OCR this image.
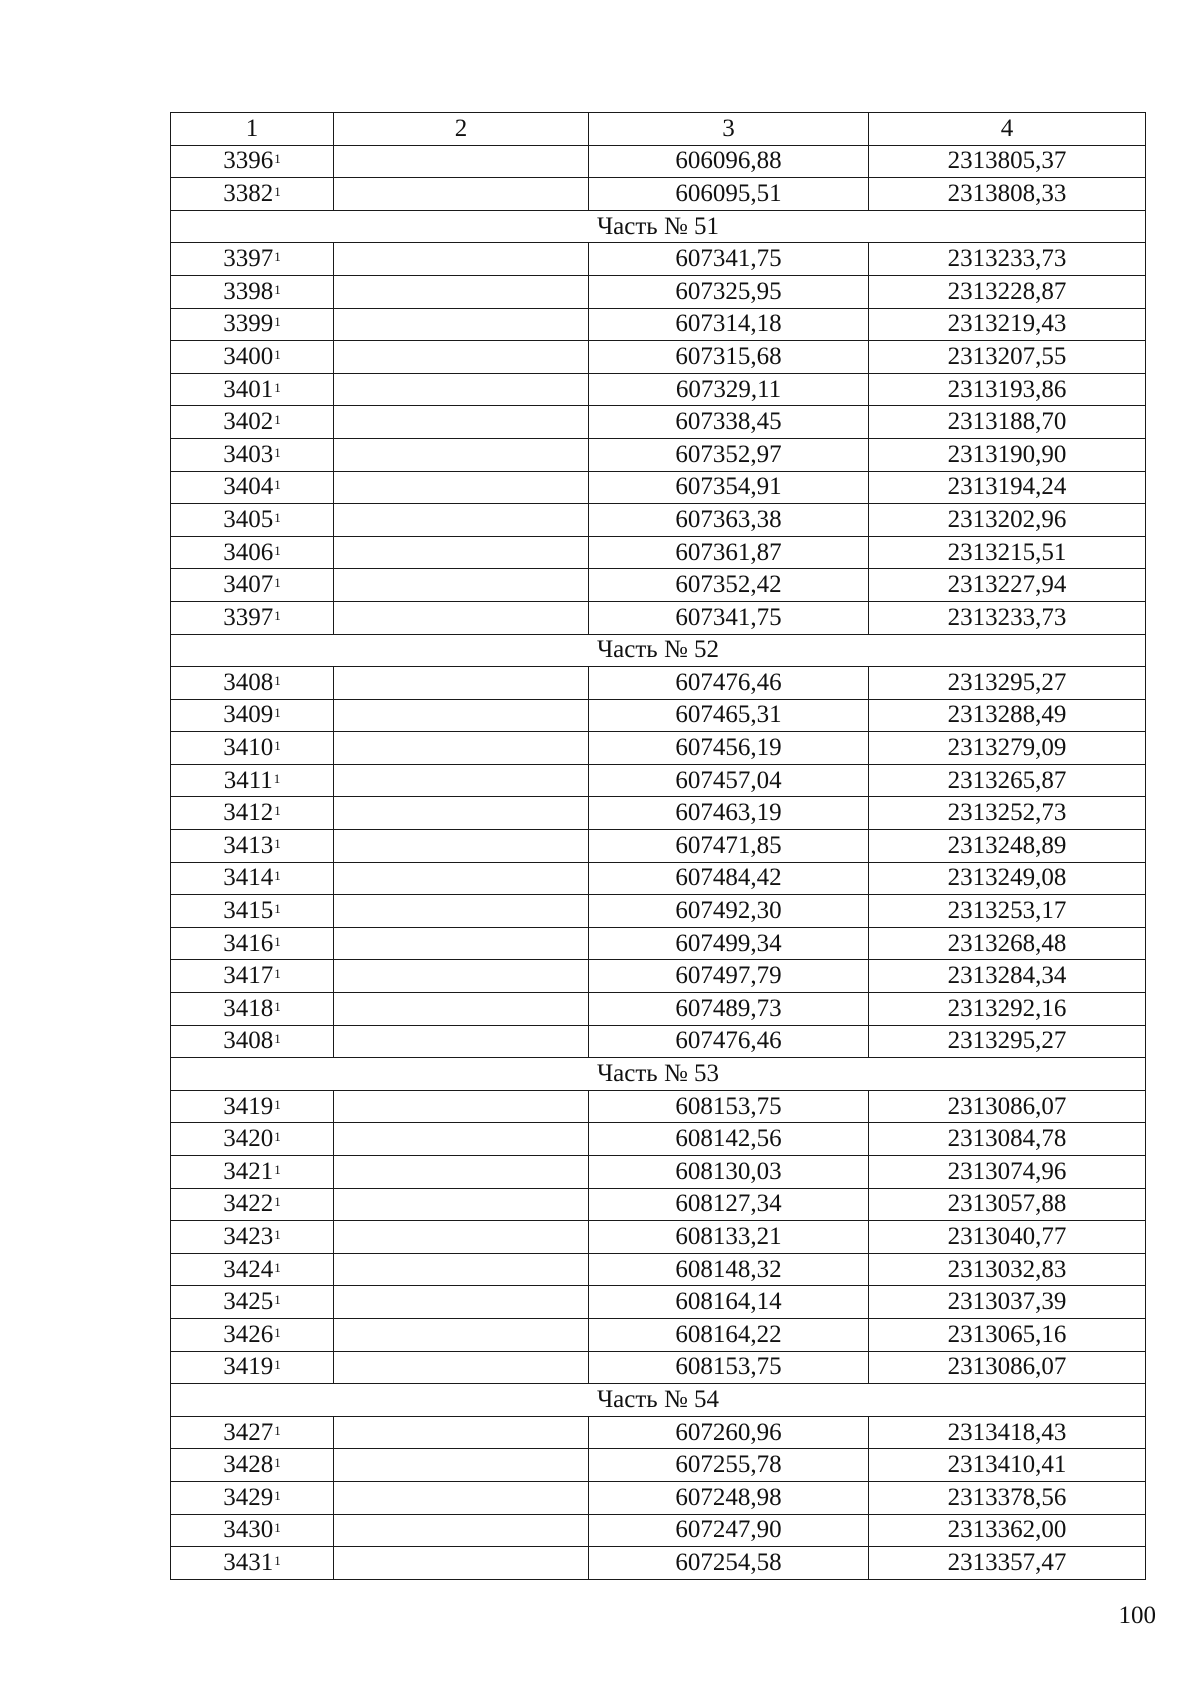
1	2	3	4
3396$^1$		606096,88	2313805,37
3382$^1$		606095,51	2313808,33
Часть № 51			
3397$^1$		607341,75	2313233,73
3398$^1$		607325,95	2313228,87
3399$^1$		607314,18	2313219,43
3400$^1$		607315,68	2313207,55
3401$^1$		607329,11	2313193,86
3402$^1$		607338,45	2313188,70
3403$^1$		607352,97	2313190,90
3404$^1$		607354,91	2313194,24
3405$^1$		607363,38	2313202,96
3406$^1$		607361,87	2313215,51
3407$^1$		607352,42	2313227,94
3397$^1$		607341,75	2313233,73
Часть № 52			
3408$^1$		607476,46	2313295,27
3409$^1$		607465,31	2313288,49
3410$^1$		607456,19	2313279,09
3411$^1$		607457,04	2313265,87
3412$^1$		607463,19	2313252,73
3413$^1$		607471,85	2313248,89
3414$^1$		607484,42	2313249,08
3415$^1$		607492,30	2313253,17
3416$^1$		607499,34	2313268,48
3417$^1$		607497,79	2313284,34
3418$^1$		607489,73	2313292,16
3408$^1$		607476,46	2313295,27
Часть № 53			
3419$^1$		608153,75	2313086,07
3420$^1$		608142,56	2313084,78
3421$^1$		608130,03	2313074,96
3422$^1$		608127,34	2313057,88
3423$^1$		608133,21	2313040,77
3424$^1$		608148,32	2313032,83
3425$^1$		608164,14	2313037,39
3426$^1$		608164,22	2313065,16
3419$^1$		608153,75	2313086,07
Часть № 54			
3427$^1$		607260,96	2313418,43
3428$^1$		607255,78	2313410,41
3429$^1$		607248,98	2313378,56
3430$^1$		607247,90	2313362,00
3431$^1$		607254,58	2313357,47
100
